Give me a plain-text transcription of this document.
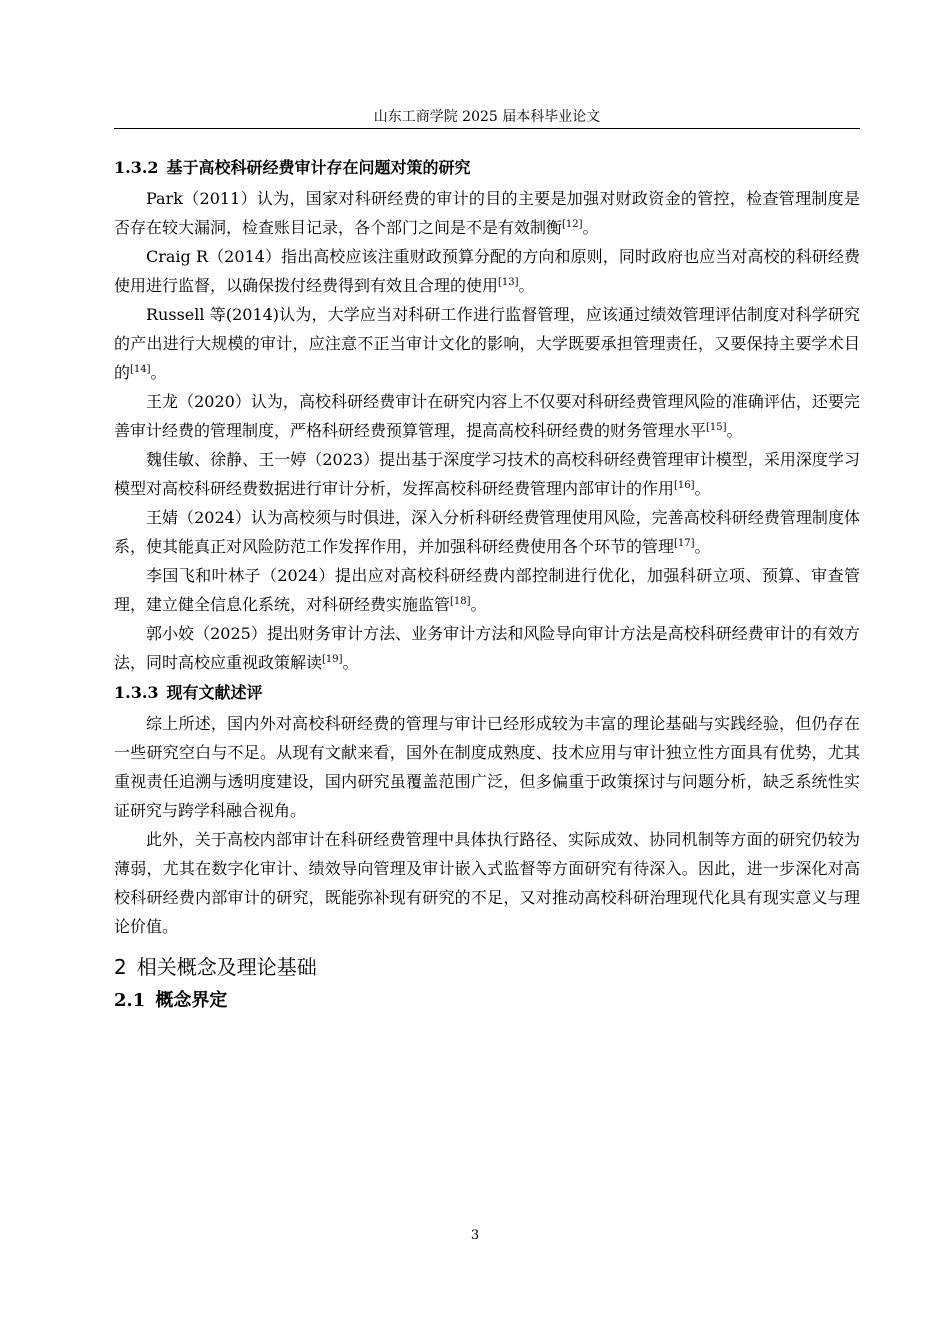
山东工商学院 2025 届本科毕业论文
1.3.2 基于高校科研经费审计存在问题对策的研究

Park（2011）认为，国家对科研经费的审计的目的主要是加强对财政资金的管控，检查管理制度是否存在较大漏洞，检查账目记录，各个部门之间是不是有效制衡[12]。

Craig R（2014）指出高校应该注重财政预算分配的方向和原则，同时政府也应当对高校的科研经费使用进行监督，以确保拨付经费得到有效且合理的使用[13]。

Russell 等(2014)认为，大学应当对科研工作进行监督管理，应该通过绩效管理评估制度对科学研究的产出进行大规模的审计，应注意不正当审计文化的影响，大学既要承担管理责任，又要保持主要学术目的[14]。

王龙（2020）认为，高校科研经费审计在研究内容上不仅要对科研经费管理风险的准确评估，还要完善审计经费的管理制度，严格科研经费预算管理，提高高校科研经费的财务管理水平[15]。

魏佳敏、徐静、王一婷（2023）提出基于深度学习技术的高校科研经费管理审计模型，采用深度学习模型对高校科研经费数据进行审计分析，发挥高校科研经费管理内部审计的作用[16]。

王婧（2024）认为高校须与时俱进，深入分析科研经费管理使用风险，完善高校科研经费管理制度体系，使其能真正对风险防范工作发挥作用，并加强科研经费使用各个环节的管理[17]。

李国飞和叶林子（2024）提出应对高校科研经费内部控制进行优化，加强科研立项、预算、审查管理，建立健全信息化系统，对科研经费实施监管[18]。

郭小姣（2025）提出财务审计方法、业务审计方法和风险导向审计方法是高校科研经费审计的有效方法，同时高校应重视政策解读[19]。

1.3.3 现有文献述评

综上所述，国内外对高校科研经费的管理与审计已经形成较为丰富的理论基础与实践经验，但仍存在一些研究空白与不足。从现有文献来看，国外在制度成熟度、技术应用与审计独立性方面具有优势，尤其重视责任追溯与透明度建设，国内研究虽覆盖范围广泛，但多偏重于政策探讨与问题分析，缺乏系统性实证研究与跨学科融合视角。

此外，关于高校内部审计在科研经费管理中具体执行路径、实际成效、协同机制等方面的研究仍较为薄弱，尤其在数字化审计、绩效导向管理及审计嵌入式监督等方面研究有待深入。因此，进一步深化对高校科研经费内部审计的研究，既能弥补现有研究的不足，又对推动高校科研治理现代化具有现实意义与理论价值。

2 相关概念及理论基础
2.1 概念界定
3
